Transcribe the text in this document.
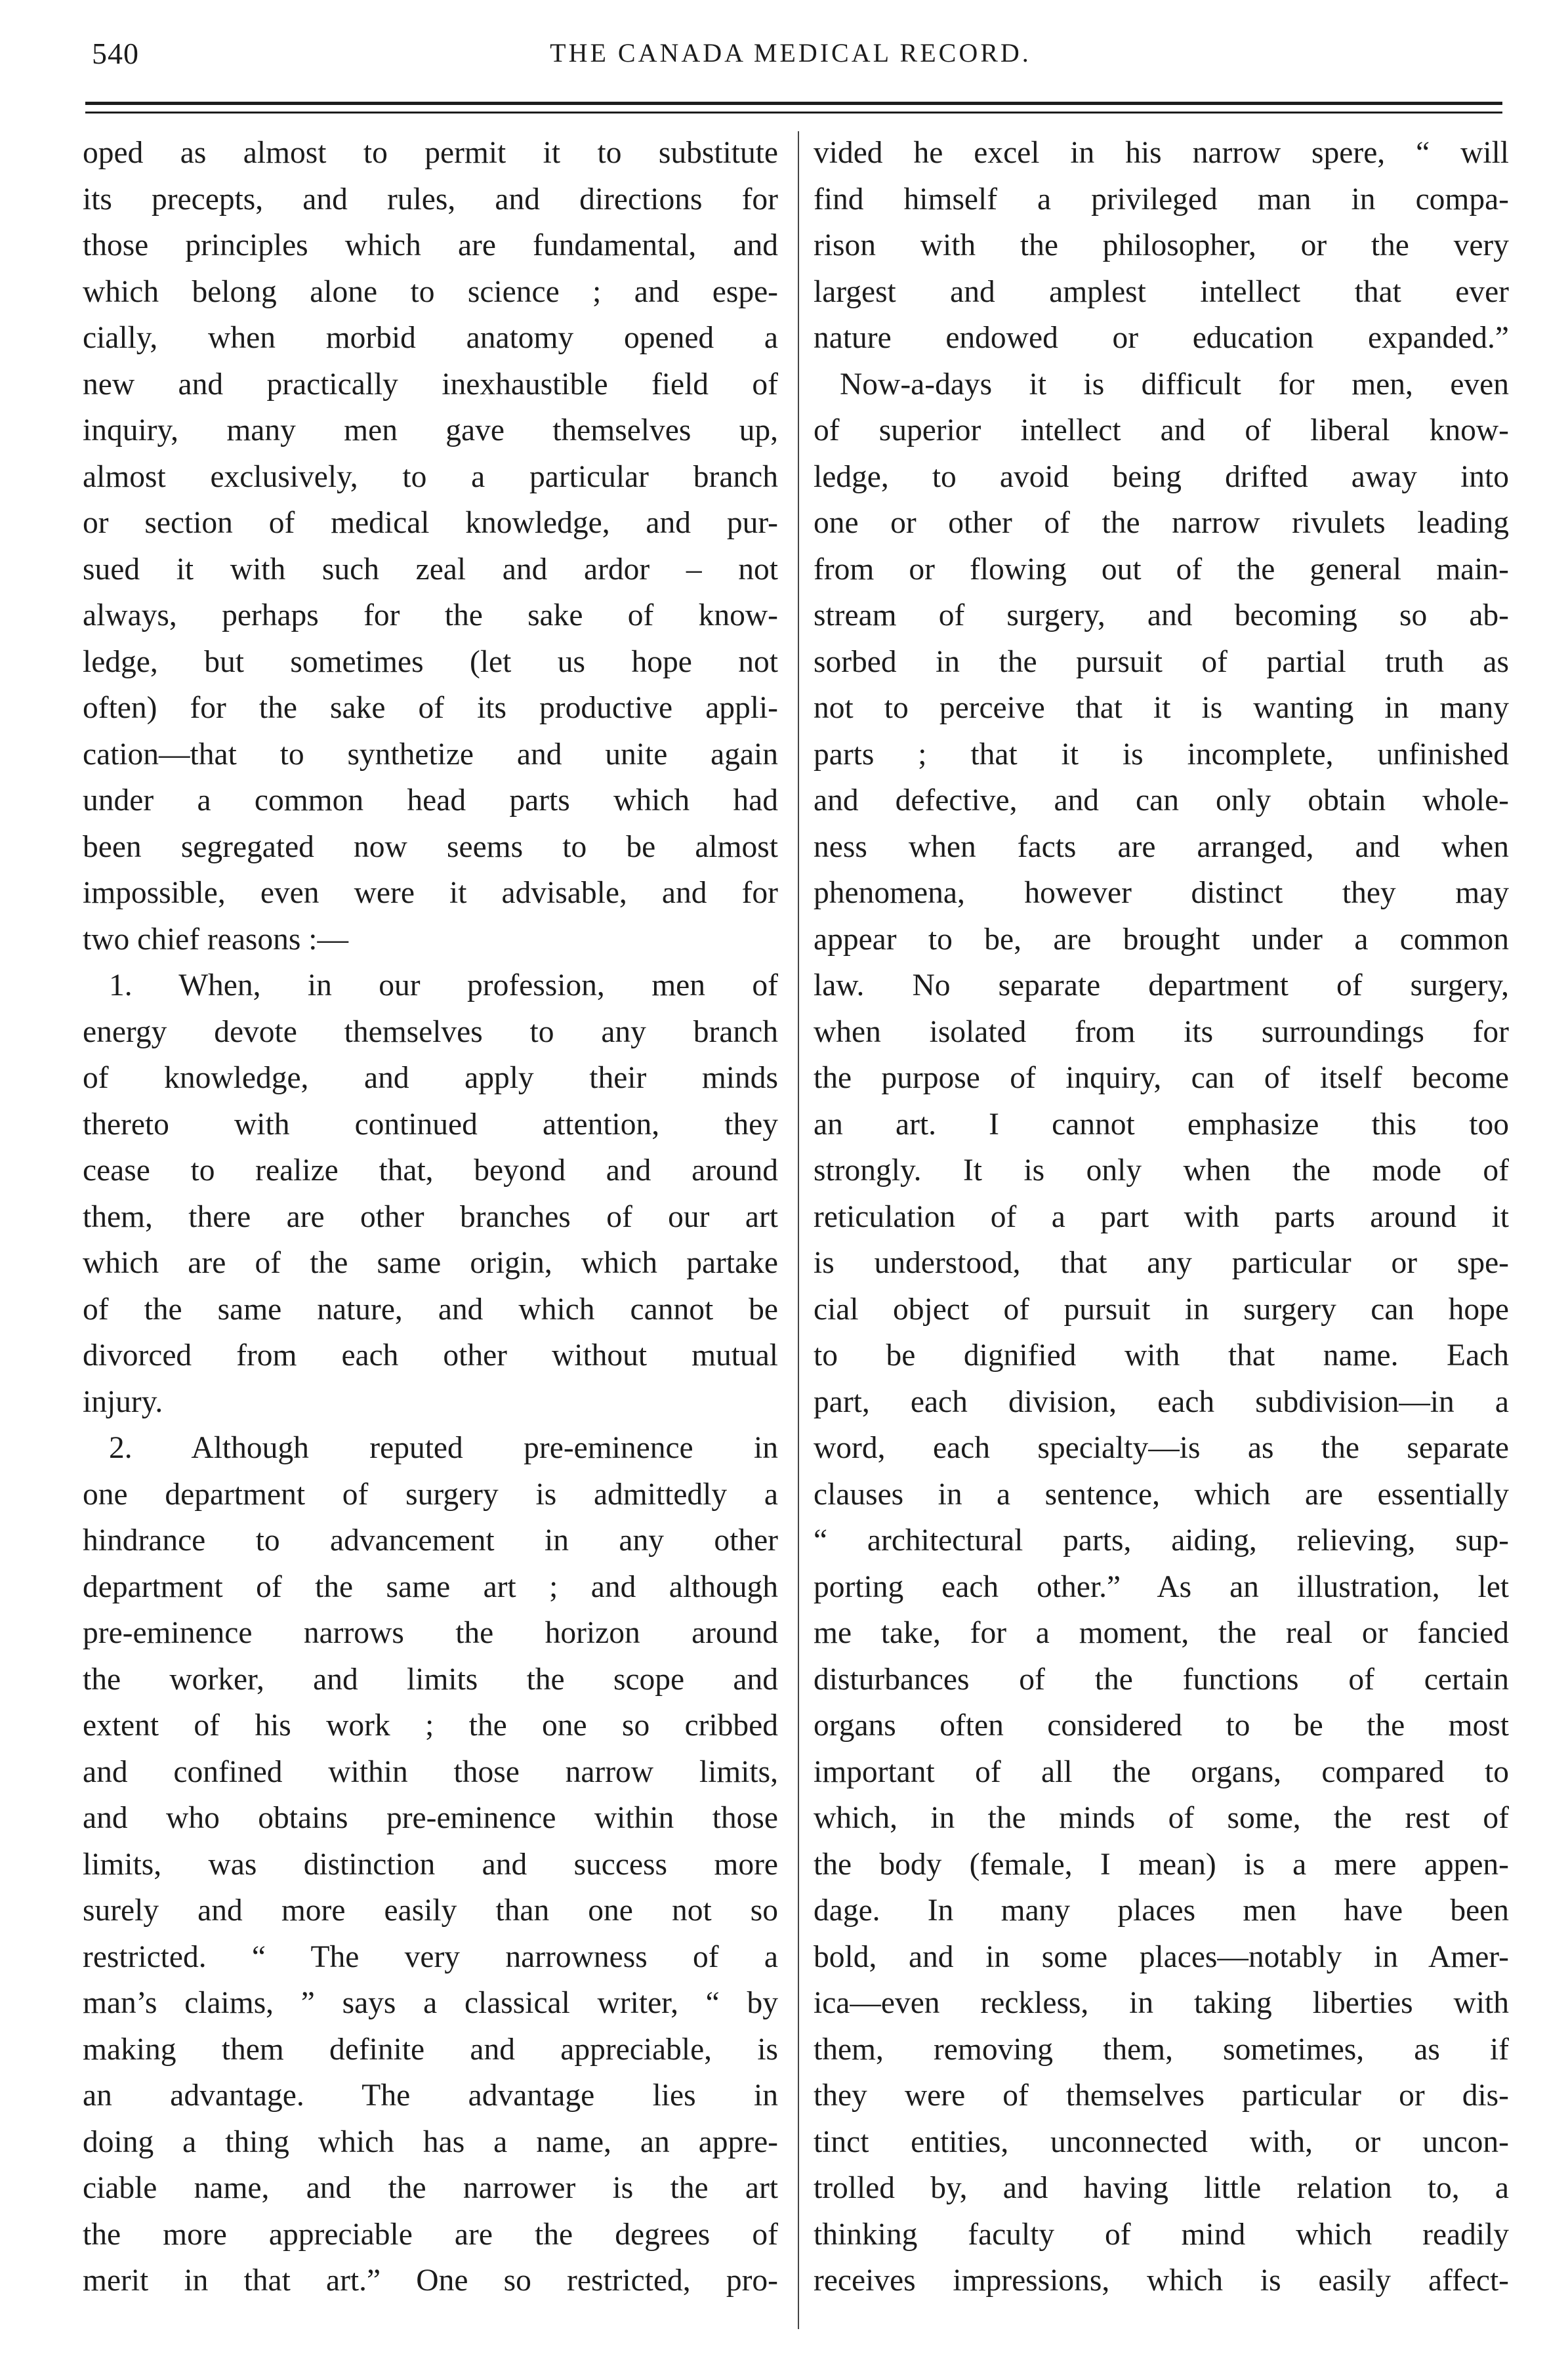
540	THE CANADA MEDICAL RECORD.
oped as almost to permit it to substitute
its precepts, and rules, and directions for
those principles which are fundamental, and
which belong alone to science ; and espe-
cially, when morbid anatomy opened a
new and practically inexhaustible field of
inquiry, many men gave themselves up,
almost exclusively, to a particular branch
or section of medical knowledge, and pur-
sued it with such zeal and ardor – not
always, perhaps for the sake of know-
ledge, but sometimes (let us hope not
often) for the sake of its productive appli-
cation—that to synthetize and unite again
under a common head parts which had
been segregated now seems to be almost
impossible, even were it advisable, and for
two chief reasons :—
1. When, in our profession, men of
energy devote themselves to any branch
of knowledge, and apply their minds
thereto with continued attention, they
cease to realize that, beyond and around
them, there are other branches of our art
which are of the same origin, which partake
of the same nature, and which cannot be
divorced from each other without mutual
injury.
2. Although reputed pre-eminence in
one department of surgery is admittedly a
hindrance to advancement in any other
department of the same art ; and although
pre-eminence narrows the horizon around
the worker, and limits the scope and
extent of his work ; the one so cribbed
and confined within those narrow limits,
and who obtains pre-eminence within those
limits, was distinction and success more
surely and more easily than one not so
restricted. “ The very narrowness of a
man’s claims, ” says a classical writer, “ by
making them definite and appreciable, is
an advantage. The advantage lies in
doing a thing which has a name, an appre-
ciable name, and the narrower is the art
the more appreciable are the degrees of
merit in that art.” One so restricted, pro-
vided he excel in his narrow spere, “ will
find himself a privileged man in compa-
rison with the philosopher, or the very
largest and amplest intellect that ever
nature endowed or education expanded.”
Now-a-days it is difficult for men, even
of superior intellect and of liberal know-
ledge, to avoid being drifted away into
one or other of the narrow rivulets leading
from or flowing out of the general main-
stream of surgery, and becoming so ab-
sorbed in the pursuit of partial truth as
not to perceive that it is wanting in many
parts ; that it is incomplete, unfinished
and defective, and can only obtain whole-
ness when facts are arranged, and when
phenomena, however distinct they may
appear to be, are brought under a common
law. No separate department of surgery,
when isolated from its surroundings for
the purpose of inquiry, can of itself become
an art. I cannot emphasize this too
strongly. It is only when the mode of
reticulation of a part with parts around it
is understood, that any particular or spe-
cial object of pursuit in surgery can hope
to be dignified with that name. Each
part, each division, each subdivision—in a
word, each specialty—is as the separate
clauses in a sentence, which are essentially
“ architectural parts, aiding, relieving, sup-
porting each other.” As an illustration, let
me take, for a moment, the real or fancied
disturbances of the functions of certain
organs often considered to be the most
important of all the organs, compared to
which, in the minds of some, the rest of
the body (female, I mean) is a mere appen-
dage. In many places men have been
bold, and in some places—notably in Amer-
ica—even reckless, in taking liberties with
them, removing them, sometimes, as if
they were of themselves particular or dis-
tinct entities, unconnected with, or uncon-
trolled by, and having little relation to, a
thinking faculty of mind which readily
receives impressions, which is easily affect-
